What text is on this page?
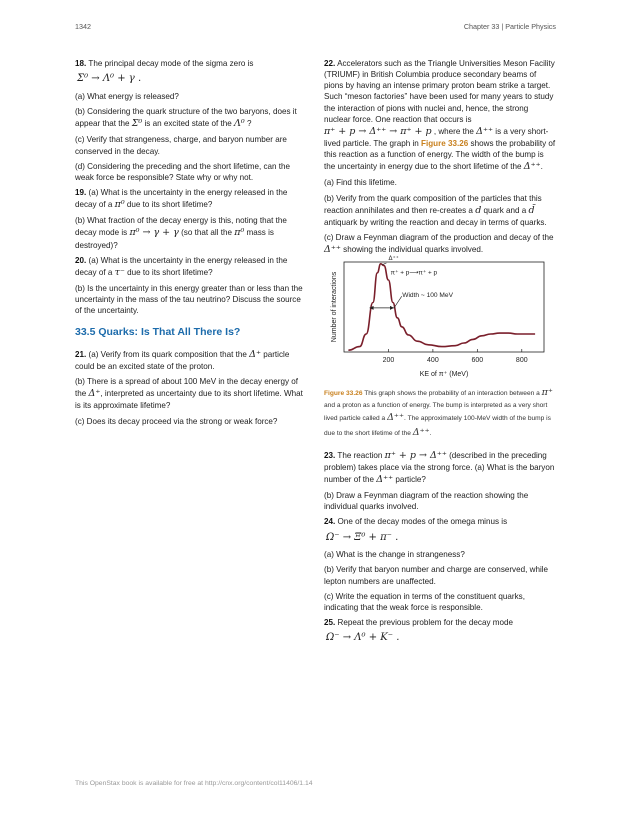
1342	Chapter 33 | Particle Physics

18. The principal decay mode of the sigma zero is
Σ⁰ → Λ⁰ + γ .

(a) What energy is released?

(b) Considering the quark structure of the two baryons, does it appear that the Σ⁰ is an excited state of the Λ⁰ ?

(c) Verify that strangeness, charge, and baryon number are conserved in the decay.

(d) Considering the preceding and the short lifetime, can the weak force be responsible? State why or why not.

19. (a) What is the uncertainty in the energy released in the decay of a π⁰ due to its short lifetime?

(b) What fraction of the decay energy is this, noting that the decay mode is π⁰ → γ + γ (so that all the π⁰ mass is destroyed)?

20. (a) What is the uncertainty in the energy released in the decay of a τ⁻ due to its short lifetime?

(b) Is the uncertainty in this energy greater than or less than the uncertainty in the mass of the tau neutrino? Discuss the source of the uncertainty.

33.5 Quarks: Is That All There Is?

21. (a) Verify from its quark composition that the Δ⁺ particle could be an excited state of the proton.

(b) There is a spread of about 100 MeV in the decay energy of the Δ⁺, interpreted as uncertainty due to its short lifetime. What is its approximate lifetime?

(c) Does its decay proceed via the strong or weak force?

22. Accelerators such as the Triangle Universities Meson Facility (TRIUMF) in British Columbia produce secondary beams of pions by having an intense primary proton beam strike a target. Such “meson factories” have been used for many years to study the interaction of pions with nuclei and, hence, the strong nuclear force. One reaction that occurs is
π⁺ + p → Δ⁺⁺ → π⁺ + p , where the Δ⁺⁺ is a very short-lived particle. The graph in Figure 33.26 shows the probability of this reaction as a function of energy. The width of the bump is the uncertainty in energy due to the short lifetime of the Δ⁺⁺.

(a) Find this lifetime.

(b) Verify from the quark composition of the particles that this reaction annihilates and then re-creates a d quark and a d̄ antiquark by writing the reaction and decay in terms of quarks.

(c) Draw a Feynman diagram of the production and decay of the Δ⁺⁺ showing the individual quarks involved.

200	400	600	800
KE of π⁺ (MeV)
Number of interactions
Δ⁺⁺
π⁺ + p⟶π⁺ + p
Width ~ 100 MeV
Figure 33.26 This graph shows the probability of an interaction between a π⁺ and a proton as a function of energy. The bump is interpreted as a very short lived particle called a Δ⁺⁺. The approximately 100-MeV width of the bump is due to the short lifetime of the Δ⁺⁺.

23. The reaction π⁺ + p → Δ⁺⁺ (described in the preceding problem) takes place via the strong force. (a) What is the baryon number of the Δ⁺⁺ particle?

(b) Draw a Feynman diagram of the reaction showing the individual quarks involved.

24. One of the decay modes of the omega minus is
Ω⁻ → Ξ⁰ + π⁻ .

(a) What is the change in strangeness?

(b) Verify that baryon number and charge are conserved, while lepton numbers are unaffected.

(c) Write the equation in terms of the constituent quarks, indicating that the weak force is responsible.

25. Repeat the previous problem for the decay mode
Ω⁻ → Λ⁰ + K⁻ .

This OpenStax book is available for free at http://cnx.org/content/col11406/1.14
